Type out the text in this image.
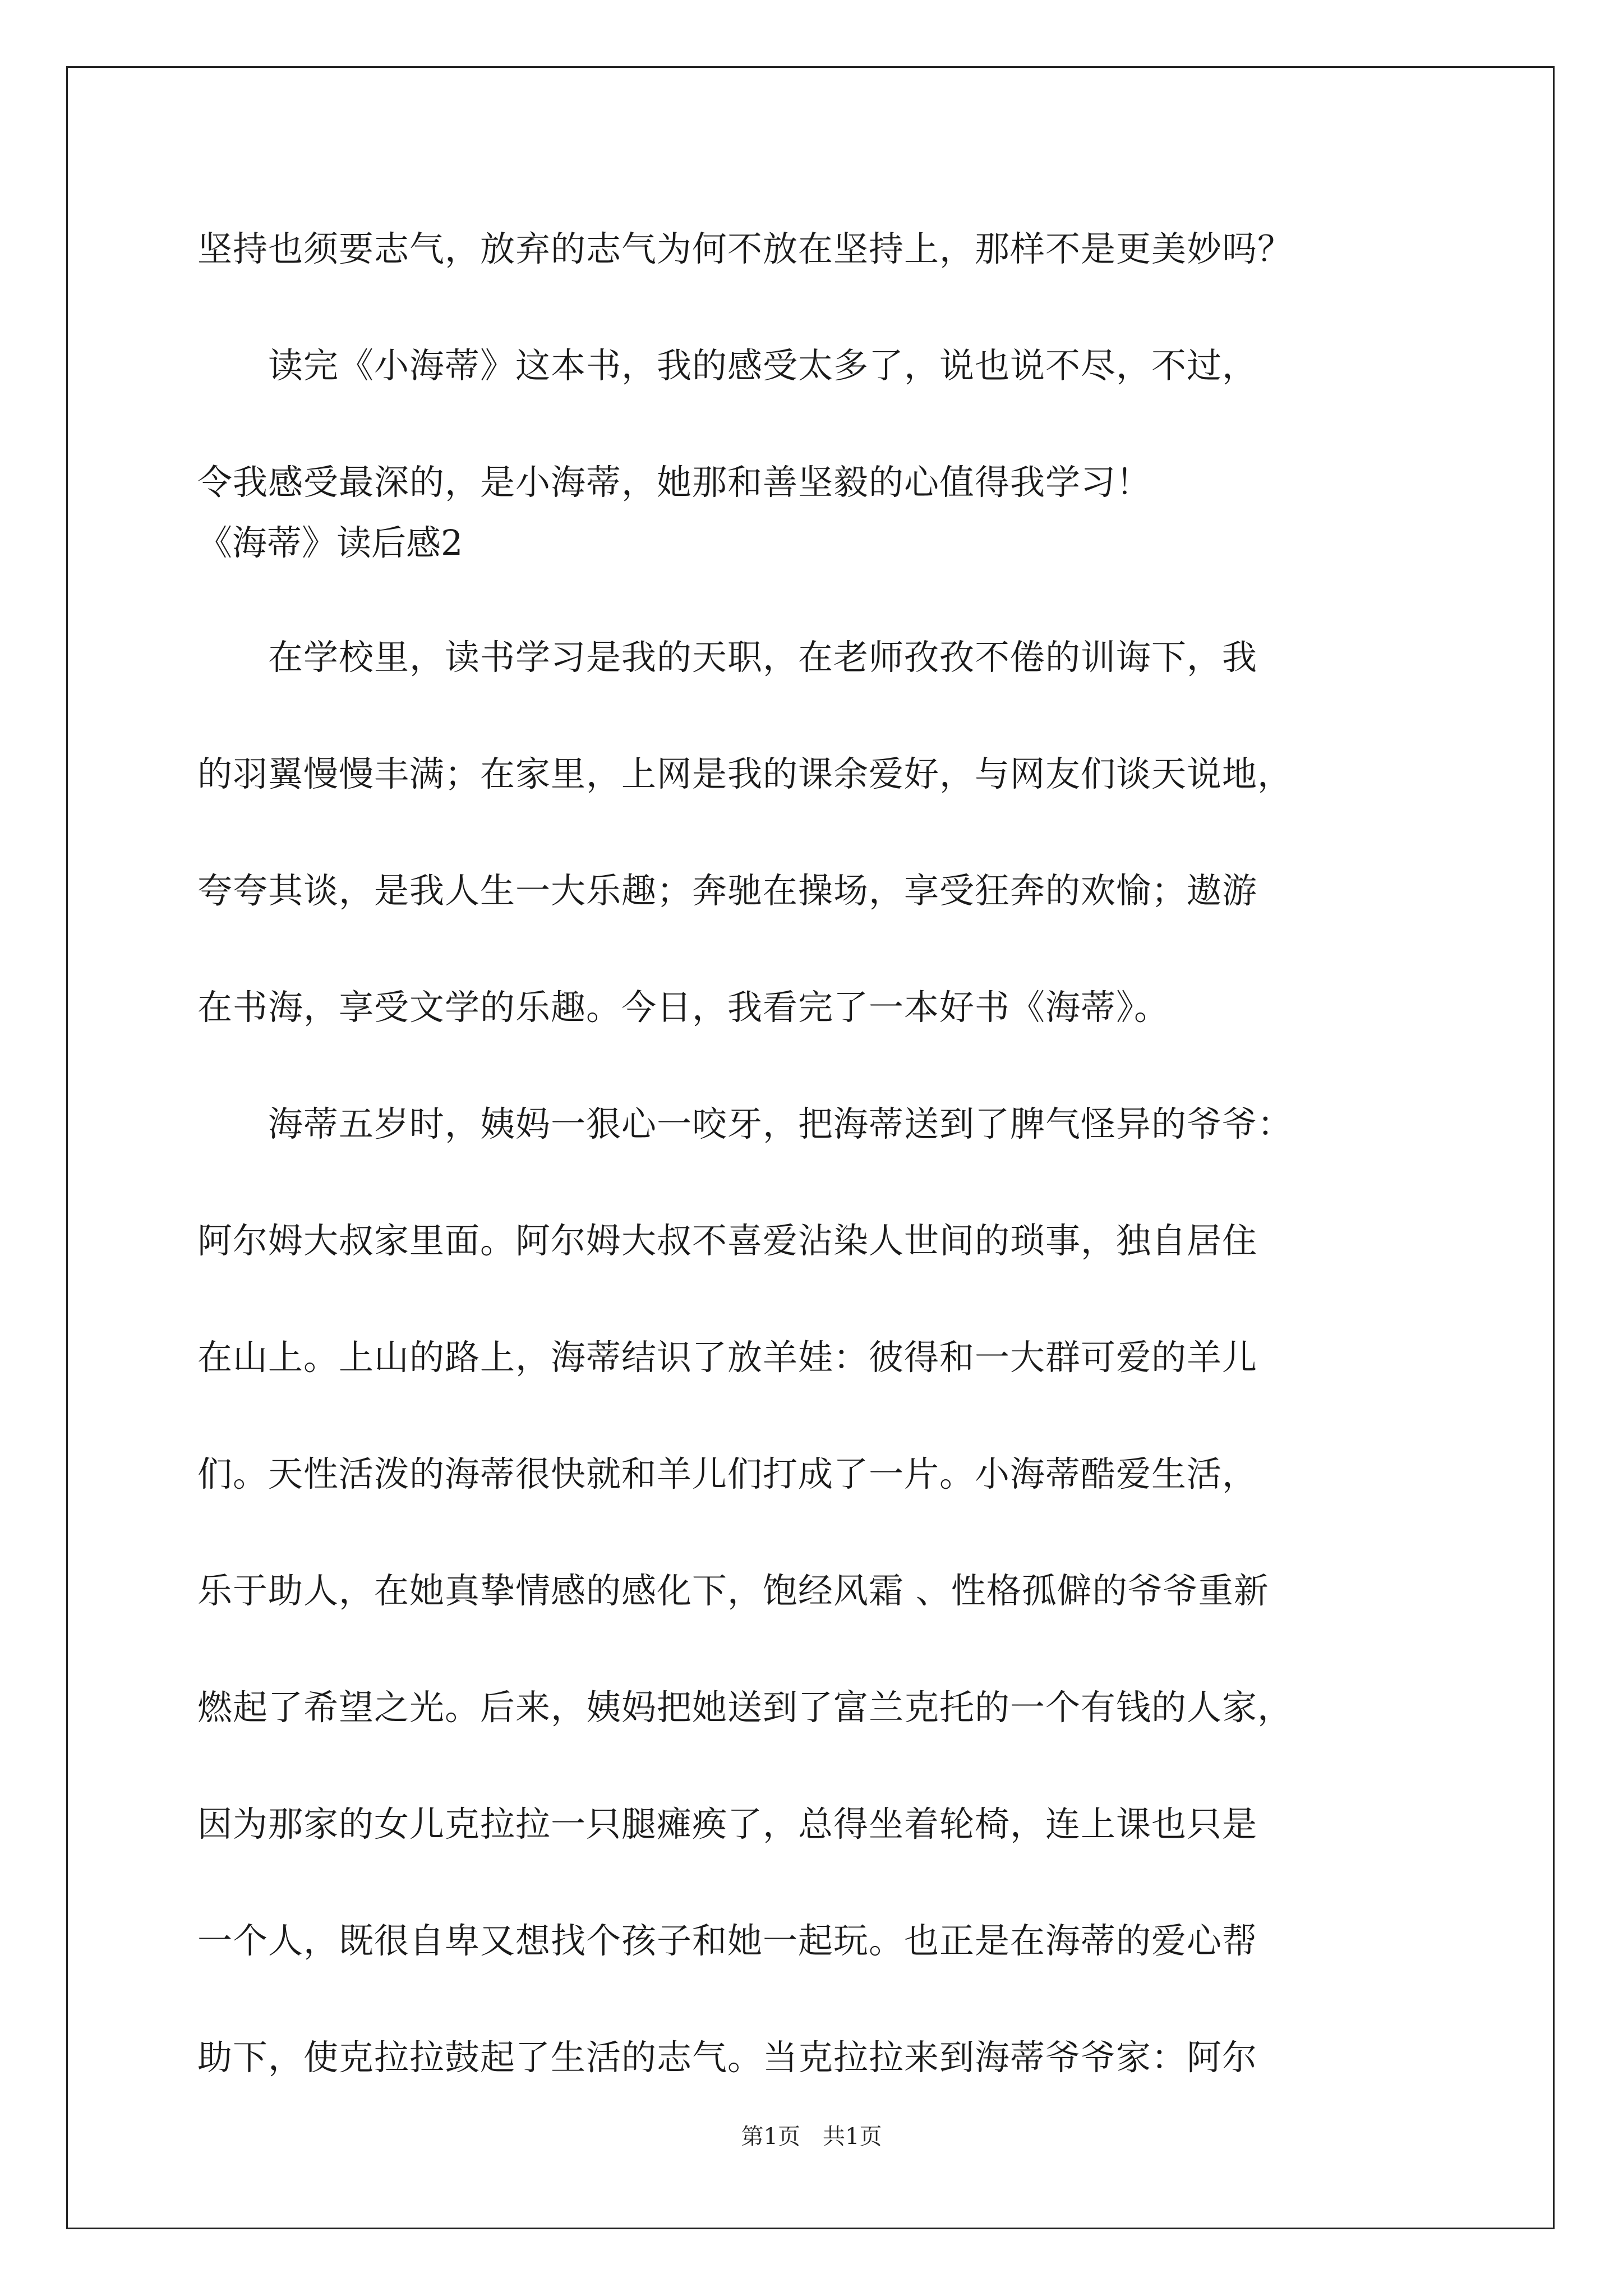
坚持也须要志气，放弃的志气为何不放在坚持上，那样不是更美妙吗？
　　读完《小海蒂》这本书，我的感受太多了，说也说不尽，不过，
令我感受最深的，是小海蒂，她那和善坚毅的心值得我学习！
《海蒂》读后感2
　　在学校里，读书学习是我的天职，在老师孜孜不倦的训诲下，我
的羽翼慢慢丰满；在家里，上网是我的课余爱好，与网友们谈天说地，
夸夸其谈，是我人生一大乐趣；奔驰在操场，享受狂奔的欢愉；遨游
在书海，享受文学的乐趣。今日，我看完了一本好书《海蒂》。
　　海蒂五岁时，姨妈一狠心一咬牙，把海蒂送到了脾气怪异的爷爷：
阿尔姆大叔家里面。阿尔姆大叔不喜爱沾染人世间的琐事，独自居住
在山上。上山的路上，海蒂结识了放羊娃：彼得和一大群可爱的羊儿
们。天性活泼的海蒂很快就和羊儿们打成了一片。小海蒂酷爱生活，
乐于助人，在她真挚情感的感化下，饱经风霜 、性格孤僻的爷爷重新
燃起了希望之光。后来，姨妈把她送到了富兰克托的一个有钱的人家，
因为那家的女儿克拉拉一只腿瘫痪了，总得坐着轮椅，连上课也只是
一个人，既很自卑又想找个孩子和她一起玩。也正是在海蒂的爱心帮
助下，使克拉拉鼓起了生活的志气。当克拉拉来到海蒂爷爷家：阿尔
第1页 共1页
